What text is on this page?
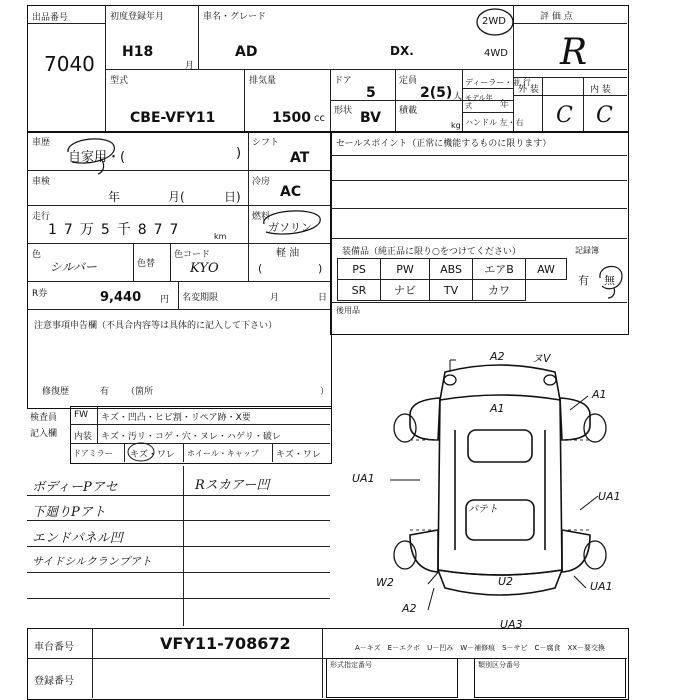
出品番号
7040
初度登録年月
H18
月
車名・グレード
AD	DX.
2WD
4WD
評 価 点
R
型式
CBE-VFY11
排気量
1500 cc
ドア
5
定員
2(5) 人
形状 BV 積載
kg
ディーラー・並 行
モデル年式	年
ハンドル 左・右
外 装	内 装
C C
車歴
自家用・(	)
シフト
AT
車検
年	月(	日)
冷房
AC
走行
17万5千877	km
燃料
ガソリン
軽 油
色
シルバー	色替
色コード
KYO	(	)
R券	9,440 円 名変期限	月	日
注意事項申告欄（不具合内容等は具体的に記入して下さい）
修復歴	有 （箇所	）
セールスポイント（正常に機能するものに限ります）
装備品（純正品に限り○をつけてください）	記録簿
PS	PW	ABS	エアB	AW
SR	ナビ	TV	カワ
有 無
後用品
検査員
記入欄
FW キズ・凹凸・ヒビ割・リペア跡・X要
内装 キズ・汚リ・コゲ・穴・ヌレ・ハゲリ・破レ
ドアミラー キズ・ワレ ホイール・キャップ キズ・ワレ
ボディーPアセ
下廻りPアト
エンドパネル凹
サイドシルクランプアト
Rスカアー凹
A2 ヌV
A1
A1
UA1
UA1
パテト
W2
A2
U2	UA1
UA3
車台番号	VFY11-708672
登録番号
A－キズ　E－エクボ　U－凹み　W－補修痕　S－サビ　C－腐食　XX－要交換
形式指定番号	類別区分番号
